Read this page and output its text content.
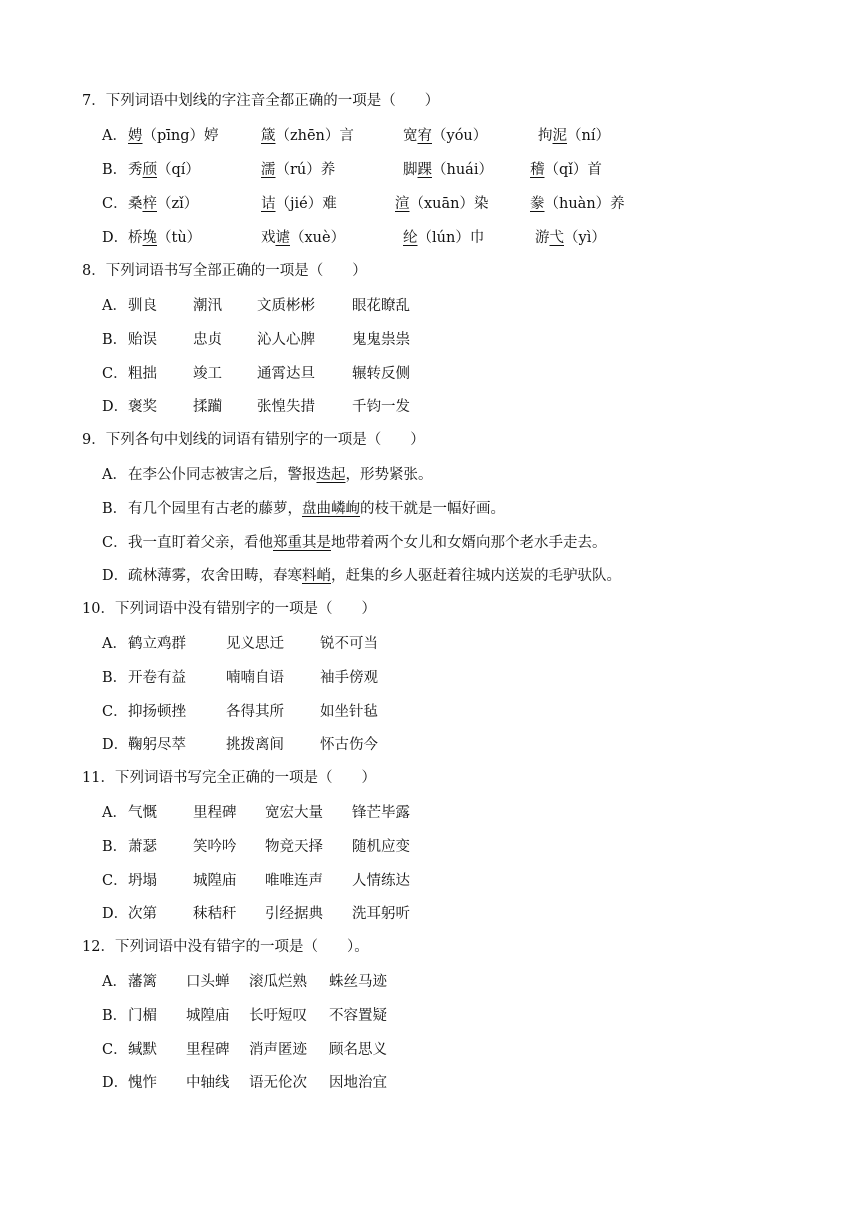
7．下列词语中划线的字注音全都正确的一项是（　　）
A． 娉（pīng）婷	箴（zhēn）言	宽宥（yóu）	拘泥（ní）
B． 秀颀（qí）	濡（rú）养	脚踝（huái）	稽（qǐ）首
C． 桑梓（zǐ）	诘（jié）难	渲（xuān）染	豢（huàn）养
D． 桥堍（tù）	戏谑（xuè）	纶（lún）巾	游弋（yì）
8．下列词语书写全部正确的一项是（　　）
A． 驯良 潮汛 文质彬彬	眼花瞭乱
B． 贻误 忠贞 沁人心脾	鬼鬼祟祟
C． 粗拙 竣工 通霄达旦	辗转反侧
D． 褒奖 揉躏 张惶失措	千钧一发
9．下列各句中划线的词语有错别字的一项是（　　）
A． 在李公仆同志被害之后，警报迭起，形势紧张。
B． 有几个园里有古老的藤萝，盘曲嶙峋的枝干就是一幅好画。
C． 我一直盯着父亲，看他郑重其是地带着两个女儿和女婿向那个老水手走去。
D． 疏林薄雾，农舍田畴，春寒料峭，赶集的乡人驱赶着往城内送炭的毛驴驮队。
10．下列词语中没有错别字的一项是（　　）
A． 鹤立鸡群	见义思迁 锐不可当
B． 开卷有益	喃喃自语 袖手傍观
C． 抑扬顿挫	各得其所 如坐针毡
D． 鞠躬尽萃	挑拨离间 怀古伤今
11．下列词语书写完全正确的一项是（　　）
A． 气慨 里程碑 宽宏大量 锋芒毕露
B． 萧瑟 笑吟吟 物竞天择 随机应变
C． 坍塌 城隍庙 唯唯连声 人情练达
D． 次第 秣秸秆 引经据典 洗耳躬听
12．下列词语中没有错字的一项是（　　）。
A． 藩篱 口头蝉 滚瓜烂熟 蛛丝马迹
B． 门楣 城隍庙 长吁短叹 不容置疑
C． 缄默 里程碑 消声匿迹 顾名思义
D． 愧怍 中轴线 语无伦次 因地治宜
